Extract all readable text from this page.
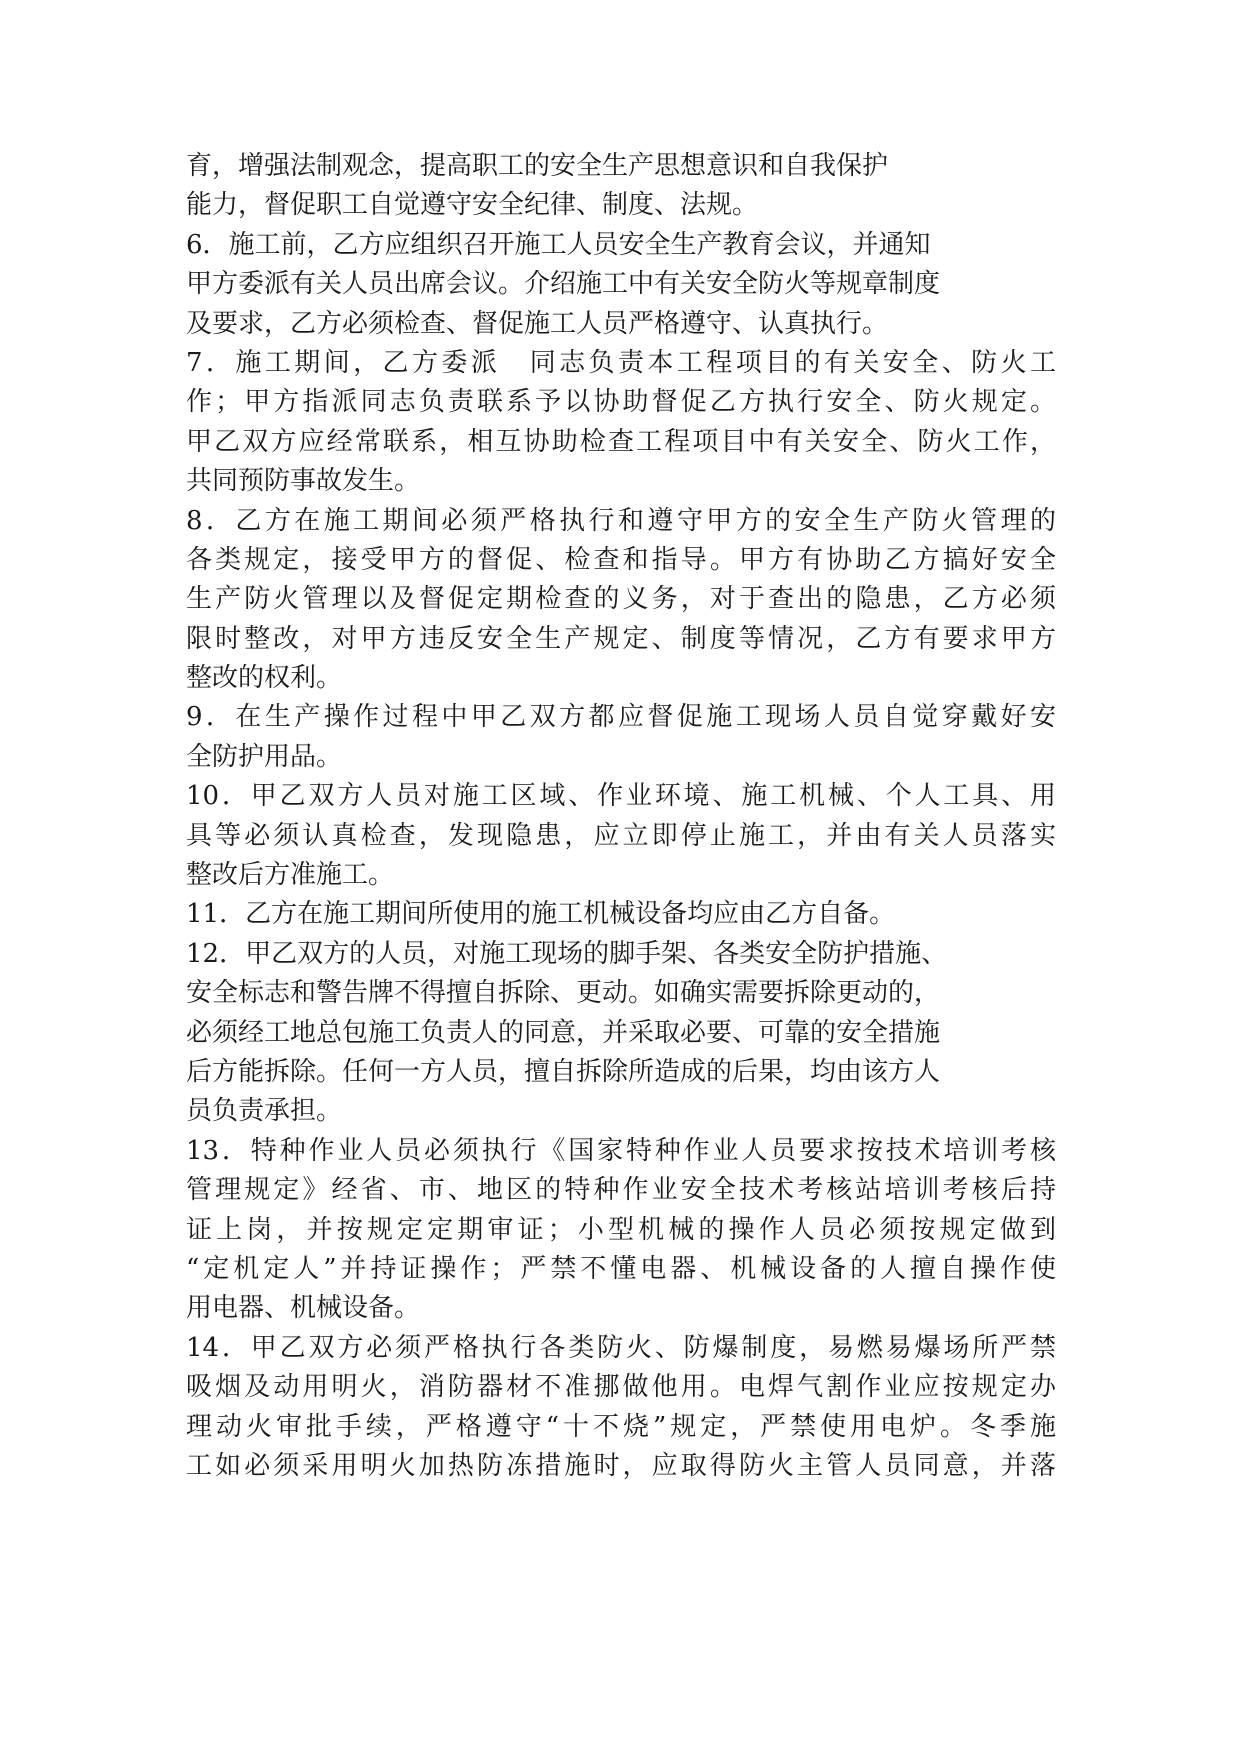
育，增强法制观念，提高职工的安全生产思想意识和自我保护
能力，督促职工自觉遵守安全纪律、制度、法规。
6．施工前，乙方应组织召开施工人员安全生产教育会议，并通知
甲方委派有关人员出席会议。介绍施工中有关安全防火等规章制度
及要求，乙方必须检查、督促施工人员严格遵守、认真执行。
7．施工期间，乙方委派　同志负责本工程项目的有关安全、防火工
作；甲方指派同志负责联系予以协助督促乙方执行安全、防火规定。
甲乙双方应经常联系，相互协助检查工程项目中有关安全、防火工作，
共同预防事故发生。
8．乙方在施工期间必须严格执行和遵守甲方的安全生产防火管理的
各类规定，接受甲方的督促、检查和指导。甲方有协助乙方搞好安全
生产防火管理以及督促定期检查的义务，对于查出的隐患，乙方必须
限时整改，对甲方违反安全生产规定、制度等情况，乙方有要求甲方
整改的权利。
9．在生产操作过程中甲乙双方都应督促施工现场人员自觉穿戴好安
全防护用品。
10．甲乙双方人员对施工区域、作业环境、施工机械、个人工具、用
具等必须认真检查，发现隐患，应立即停止施工，并由有关人员落实
整改后方准施工。
11．乙方在施工期间所使用的施工机械设备均应由乙方自备。
12．甲乙双方的人员，对施工现场的脚手架、各类安全防护措施、
安全标志和警告牌不得擅自拆除、更动。如确实需要拆除更动的，
必须经工地总包施工负责人的同意，并采取必要、可靠的安全措施
后方能拆除。任何一方人员，擅自拆除所造成的后果，均由该方人
员负责承担。
13．特种作业人员必须执行《国家特种作业人员要求按技术培训考核
管理规定》经省、市、地区的特种作业安全技术考核站培训考核后持
证上岗，并按规定定期审证；小型机械的操作人员必须按规定做到
“定机定人”并持证操作；严禁不懂电器、机械设备的人擅自操作使
用电器、机械设备。
14．甲乙双方必须严格执行各类防火、防爆制度，易燃易爆场所严禁
吸烟及动用明火，消防器材不准挪做他用。电焊气割作业应按规定办
理动火审批手续，严格遵守“十不烧”规定，严禁使用电炉。冬季施
工如必须采用明火加热防冻措施时，应取得防火主管人员同意，并落
